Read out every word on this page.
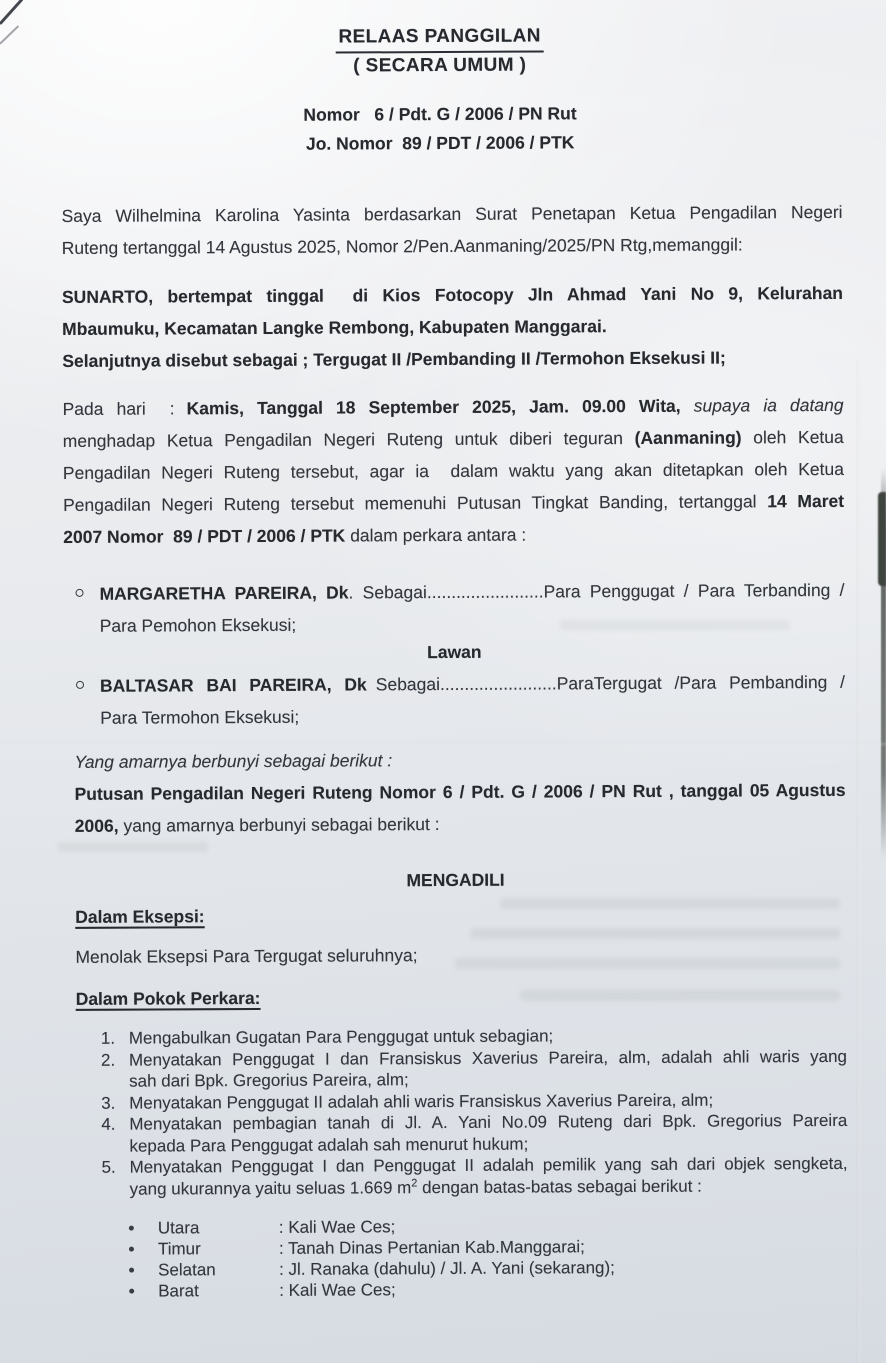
RELAAS PANGGILAN
( SECARA UMUM )
Nomor   6 / Pdt. G / 2006 / PN Rut
Jo. Nomor  89 / PDT / 2006 / PTK
Saya Wilhelmina Karolina Yasinta berdasarkan Surat Penetapan Ketua Pengadilan Negeri
Ruteng tertanggal 14 Agustus 2025, Nomor 2/Pen.Aanmaning/2025/PN Rtg,memanggil:
SUNARTO, bertempat tinggal  di Kios Fotocopy Jln Ahmad Yani No 9, Kelurahan
Mbaumuku, Kecamatan Langke Rembong, Kabupaten Manggarai.
Selanjutnya disebut sebagai ; Tergugat II /Pembanding II /Termohon Eksekusi II;
Pada hari : Kamis, Tanggal 18 September 2025, Jam. 09.00 Wita, supaya ia datang
menghadap Ketua Pengadilan Negeri Ruteng untuk diberi teguran (Aanmaning) oleh Ketua
Pengadilan Negeri Ruteng tersebut, agar ia  dalam waktu yang akan ditetapkan oleh Ketua
Pengadilan Negeri Ruteng tersebut memenuhi Putusan Tingkat Banding, tertanggal 14 Maret
2007 Nomor  89 / PDT / 2006 / PTK dalam perkara antara :
MARGARETHA PAREIRA, Dk. Sebagai........................Para Penggugat / Para Terbanding /
Para Pemohon Eksekusi;
Lawan
BALTASAR BAI PAREIRA, Dk Sebagai........................ParaTergugat /Para Pembanding /
Para Termohon Eksekusi;
Yang amarnya berbunyi sebagai berikut :
Putusan Pengadilan Negeri Ruteng Nomor 6 / Pdt. G / 2006 / PN Rut , tanggal 05 Agustus
2006, yang amarnya berbunyi sebagai berikut :
MENGADILI
Dalam Eksepsi:
Menolak Eksepsi Para Tergugat seluruhnya;
Dalam Pokok Perkara:
1. Mengabulkan Gugatan Para Penggugat untuk sebagian;
2. Menyatakan Penggugat I dan Fransiskus Xaverius Pareira, alm, adalah ahli waris yang
sah dari Bpk. Gregorius Pareira, alm;
3. Menyatakan Penggugat II adalah ahli waris Fransiskus Xaverius Pareira, alm;
4. Menyatakan pembagian tanah di Jl. A. Yani No.09 Ruteng dari Bpk. Gregorius Pareira
kepada Para Penggugat adalah sah menurut hukum;
5. Menyatakan Penggugat I dan Penggugat II adalah pemilik yang sah dari objek sengketa,
yang ukurannya yaitu seluas 1.669 $m^2$ dengan batas-batas sebagai berikut :
Utara	: Kali Wae Ces;
Timur	: Tanah Dinas Pertanian Kab.Manggarai;
Selatan	: Jl. Ranaka (dahulu) / Jl. A. Yani (sekarang);
Barat	: Kali Wae Ces;
